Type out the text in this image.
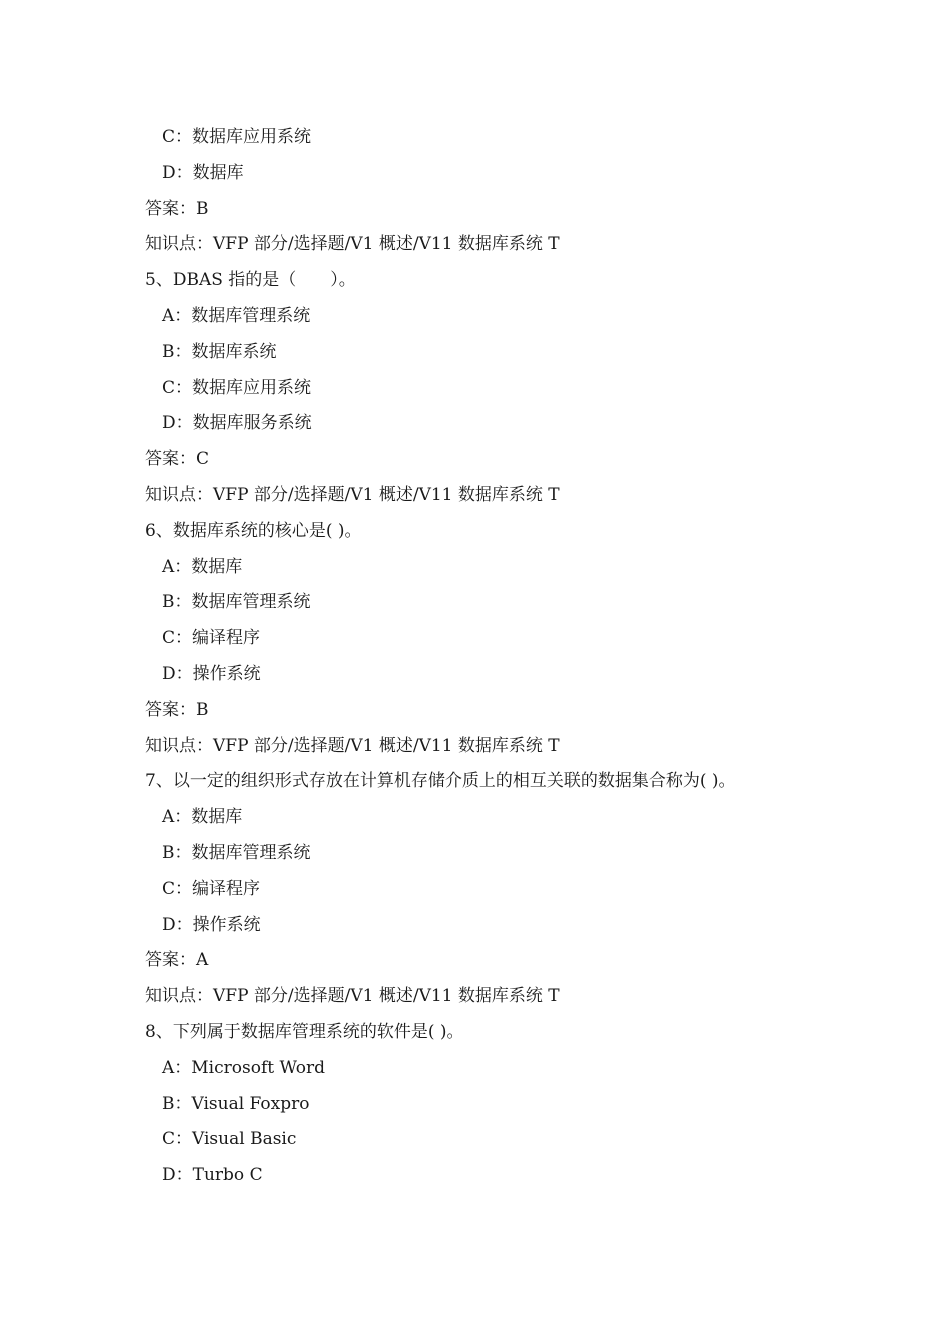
C：数据库应用系统
D：数据库
答案：B
知识点：VFP 部分/选择题/V1 概述/V11 数据库系统 T
5、DBAS 指的是（　　）。
A：数据库管理系统
B：数据库系统
C：数据库应用系统
D：数据库服务系统
答案：C
知识点：VFP 部分/选择题/V1 概述/V11 数据库系统 T
6、数据库系统的核心是( )。
A：数据库
B：数据库管理系统
C：编译程序
D：操作系统
答案：B
知识点：VFP 部分/选择题/V1 概述/V11 数据库系统 T
7、以一定的组织形式存放在计算机存储介质上的相互关联的数据集合称为( )。
A：数据库
B：数据库管理系统
C：编译程序
D：操作系统
答案：A
知识点：VFP 部分/选择题/V1 概述/V11 数据库系统 T
8、下列属于数据库管理系统的软件是( )。
A：Microsoft Word
B：Visual Foxpro
C：Visual Basic
D：Turbo C
